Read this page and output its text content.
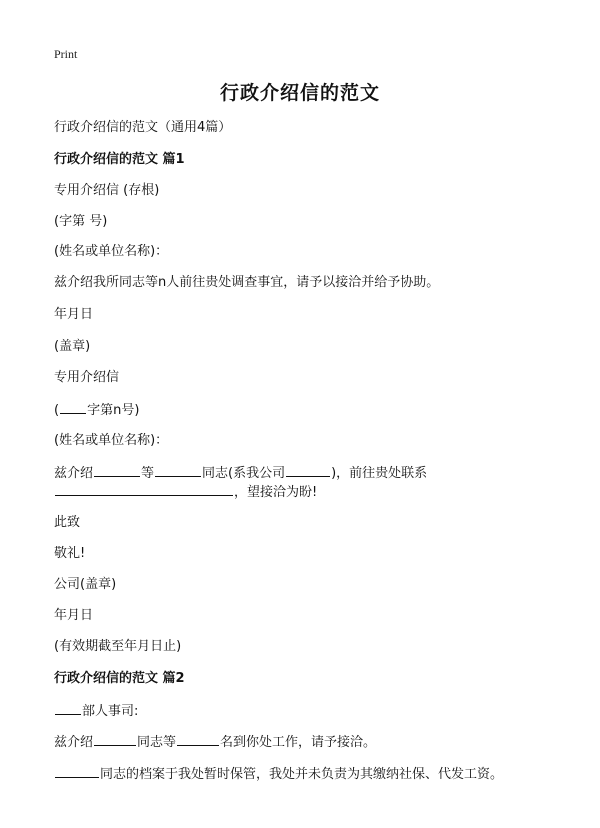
Print
行政介绍信的范文
行政介绍信的范文（通用4篇）
行政介绍信的范文 篇1
专用介绍信 (存根)
(字第 号)
(姓名或单位名称)：
兹介绍我所同志等n人前往贵处调查事宜，请予以接洽并给予协助。
年月日
(盖章)
专用介绍信
( 字第n号)
(姓名或单位名称)：
兹介绍	等	同志(系我公司	)，前往贵处联系
，望接洽为盼!
此致
敬礼!
公司(盖章)
年月日
(有效期截至年月日止)
行政介绍信的范文 篇2
部人事司:
兹介绍	同志等	名到你处工作，请予接洽。
同志的档案于我处暂时保管，我处并未负责为其缴纳社保、代发工资。
